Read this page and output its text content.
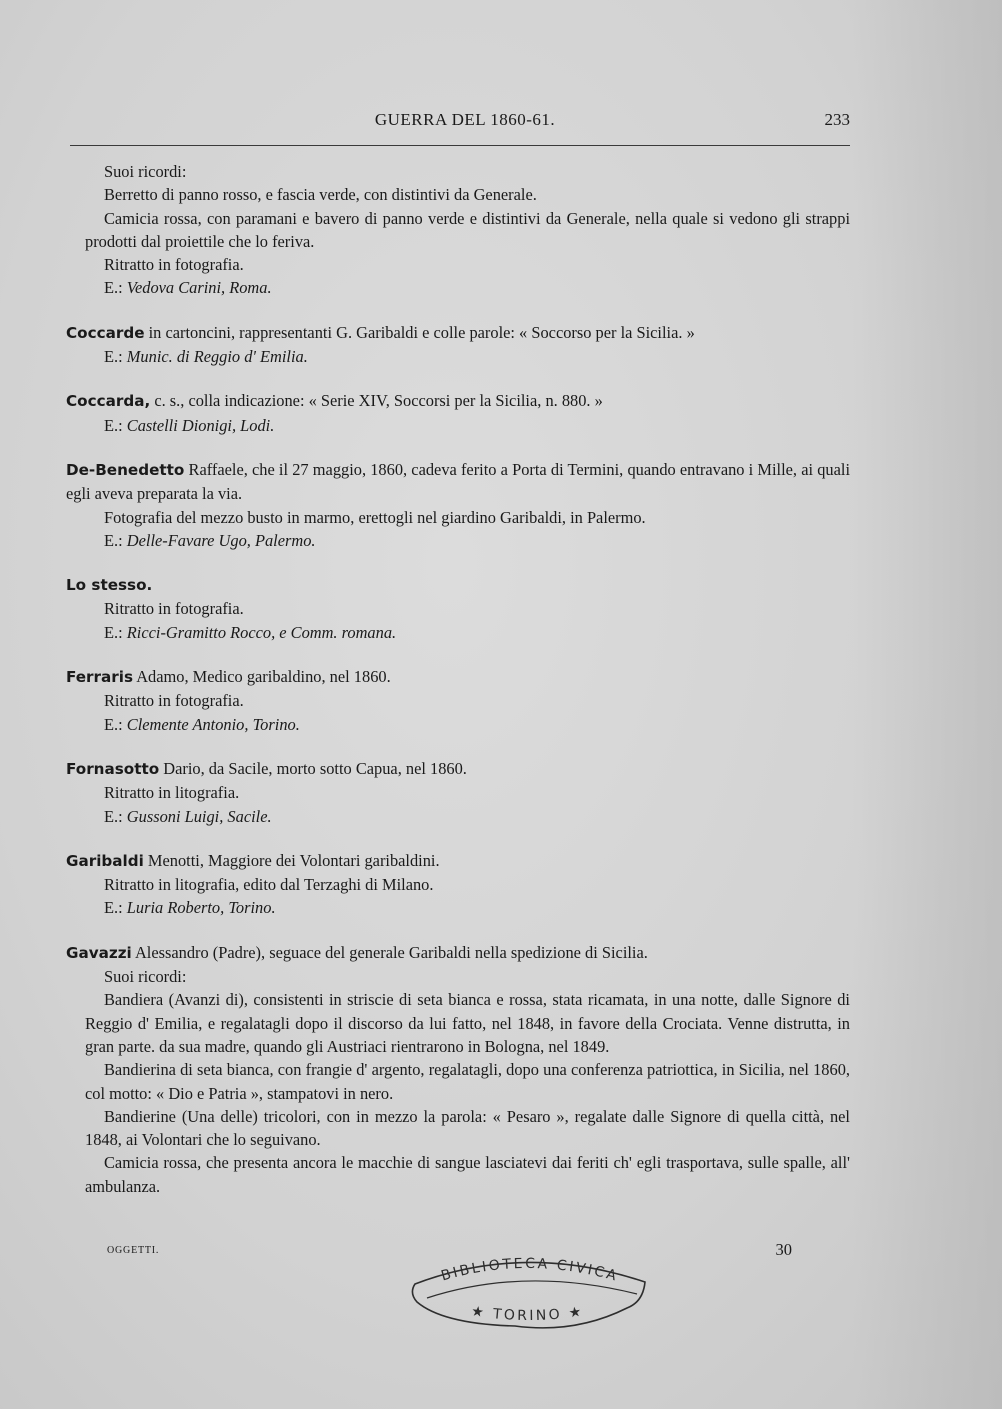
GUERRA DEL 1860-61.	233

Suoi ricordi:

Berretto di panno rosso, e fascia verde, con distintivi da Generale.

Camicia rossa, con paramani e bavero di panno verde e distintivi da Generale, nella quale si vedono gli strappi prodotti dal proiettile che lo feriva.

Ritratto in fotografia.

E.: Vedova Carini, Roma.

Coccarde in cartoncini, rappresentanti G. Garibaldi e colle parole: « Soccorso per la Sicilia. »

E.: Munic. di Reggio d' Emilia.

Coccarda, c. s., colla indicazione: « Serie XIV, Soccorsi per la Sicilia, n. 880. »

E.: Castelli Dionigi, Lodi.

De-Benedetto Raffaele, che il 27 maggio, 1860, cadeva ferito a Porta di Termini, quando entravano i Mille, ai quali egli aveva preparata la via.

Fotografia del mezzo busto in marmo, erettogli nel giardino Garibaldi, in Palermo.

E.: Delle-Favare Ugo, Palermo.

Lo stesso.

Ritratto in fotografia.

E.: Ricci-Gramitto Rocco, e Comm. romana.

Ferraris Adamo, Medico garibaldino, nel 1860.

Ritratto in fotografia.

E.: Clemente Antonio, Torino.

Fornasotto Dario, da Sacile, morto sotto Capua, nel 1860.

Ritratto in litografia.

E.: Gussoni Luigi, Sacile.

Garibaldi Menotti, Maggiore dei Volontari garibaldini.

Ritratto in litografia, edito dal Terzaghi di Milano.

E.: Luria Roberto, Torino.

Gavazzi Alessandro (Padre), seguace del generale Garibaldi nella spedizione di Sicilia.

Suoi ricordi:

Bandiera (Avanzi di), consistenti in striscie di seta bianca e rossa, stata ricamata, in una notte, dalle Signore di Reggio d' Emilia, e regalatagli dopo il discorso da lui fatto, nel 1848, in favore della Crociata. Venne distrutta, in gran parte. da sua madre, quando gli Austriaci rientrarono in Bologna, nel 1849.

Bandierina di seta bianca, con frangie d' argento, regalatagli, dopo una conferenza patriottica, in Sicilia, nel 1860, col motto: « Dio e Patria », stampatovi in nero.

Bandierine (Una delle) tricolori, con in mezzo la parola: « Pesaro », regalate dalle Signore di quella città, nel 1848, ai Volontari che lo seguivano.

Camicia rossa, che presenta ancora le macchie di sangue lasciatevi dai feriti ch' egli trasportava, sulle spalle, all' ambulanza.

OGGETTI.	30
BIBLIOTECA CIVICA
★ TORINO ★
